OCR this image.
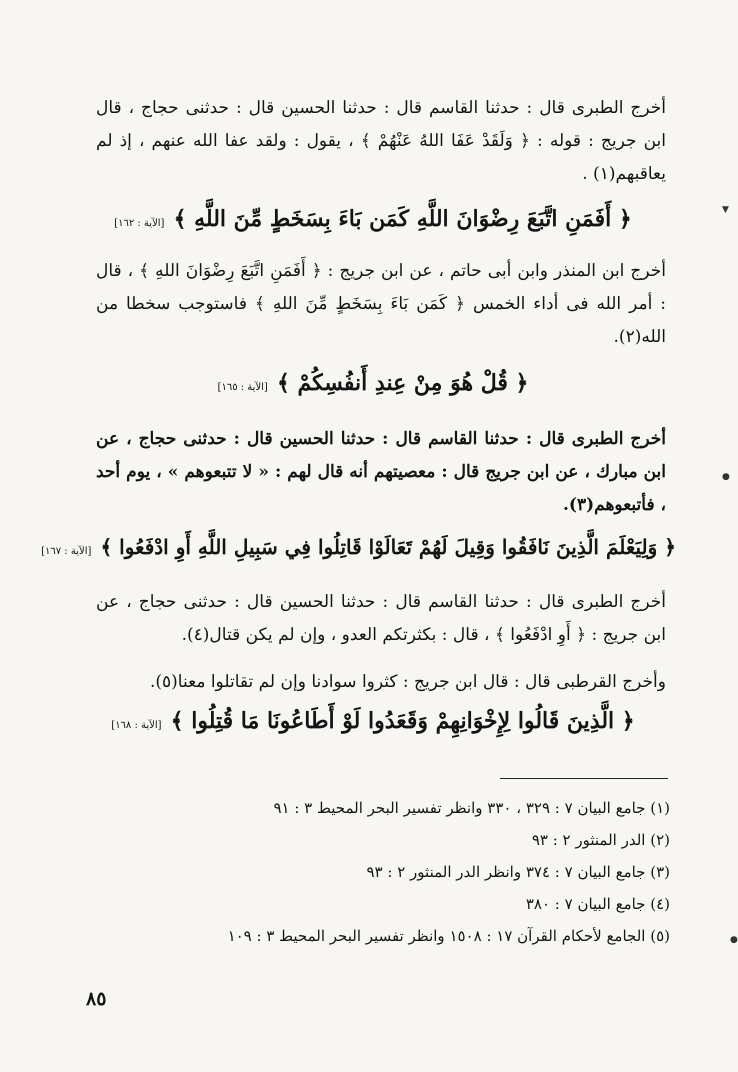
أخرج الطبرى قال : حدثنا القاسم قال : حدثنا الحسين قال : حدثنى حجاج ، قال ابن جريج : قوله : ﴿ وَلَقَدْ عَفَا اللهُ عَنْهُمْ ﴾ ، يقول : ولقد عفا الله عنهم ، إذ لم يعاقبهم(١) .
﴿ أَفَمَنِ اتَّبَعَ رِضْوَانَ اللَّهِ كَمَن بَاءَ بِسَخَطٍ مِّنَ اللَّهِ ﴾ [الآية : ١٦٢]
أخرج ابن المنذر وابن أبى حاتم ، عن ابن جريج : ﴿ أَفَمَنِ اتَّبَعَ رِضْوَانَ اللهِ ﴾ ، قال : أمر الله فى أداء الخمس ﴿ كَمَن بَاءَ بِسَخَطٍ مِّنَ اللهِ ﴾ فاستوجب سخطا من الله(٢).
﴿ قُلْ هُوَ مِنْ عِندِ أَنفُسِكُمْ ﴾ [الآية : ١٦٥]
أخرج الطبرى قال : حدثنا القاسم قال : حدثنا الحسين قال : حدثنى حجاج ، عن ابن مبارك ، عن ابن جريج قال : معصيتهم أنه قال لهم : « لا تتبعوهم » ، يوم أحد ، فأتبعوهم(٣).
﴿ وَلِيَعْلَمَ الَّذِينَ نَافَقُوا وَقِيلَ لَهُمْ تَعَالَوْا قَاتِلُوا فِي سَبِيلِ اللَّهِ أَوِ ادْفَعُوا ﴾ [الآية : ١٦٧]
أخرج الطبرى قال : حدثنا القاسم قال : حدثنا الحسين قال : حدثنى حجاج ، عن ابن جريج : ﴿ أَوِ ادْفَعُوا ﴾ ، قال : بكثرتكم العدو ، وإن لم يكن قتال(٤).
وأخرج القرطبى قال : قال ابن جريج : كثروا سوادنا وإن لم تقاتلوا معنا(٥).
﴿ الَّذِينَ قَالُوا لِإِخْوَانِهِمْ وَقَعَدُوا لَوْ أَطَاعُونَا مَا قُتِلُوا ﴾ [الآية : ١٦٨]
(١) جامع البيان ٧ : ٣٢٩ ، ٣٣٠ وانظر تفسير البحر المحيط ٣ : ٩١
(٢) الدر المنثور ٢ : ٩٣
(٣) جامع البيان ٧ : ٣٧٤ وانظر الدر المنثور ٢ : ٩٣
(٤) جامع البيان ٧ : ٣٨٠
(٥) الجامع لأحكام القرآن ١٧ : ١٥٠٨ وانظر تفسير البحر المحيط ٣ : ١٠٩
٨٥
▼
●
●
